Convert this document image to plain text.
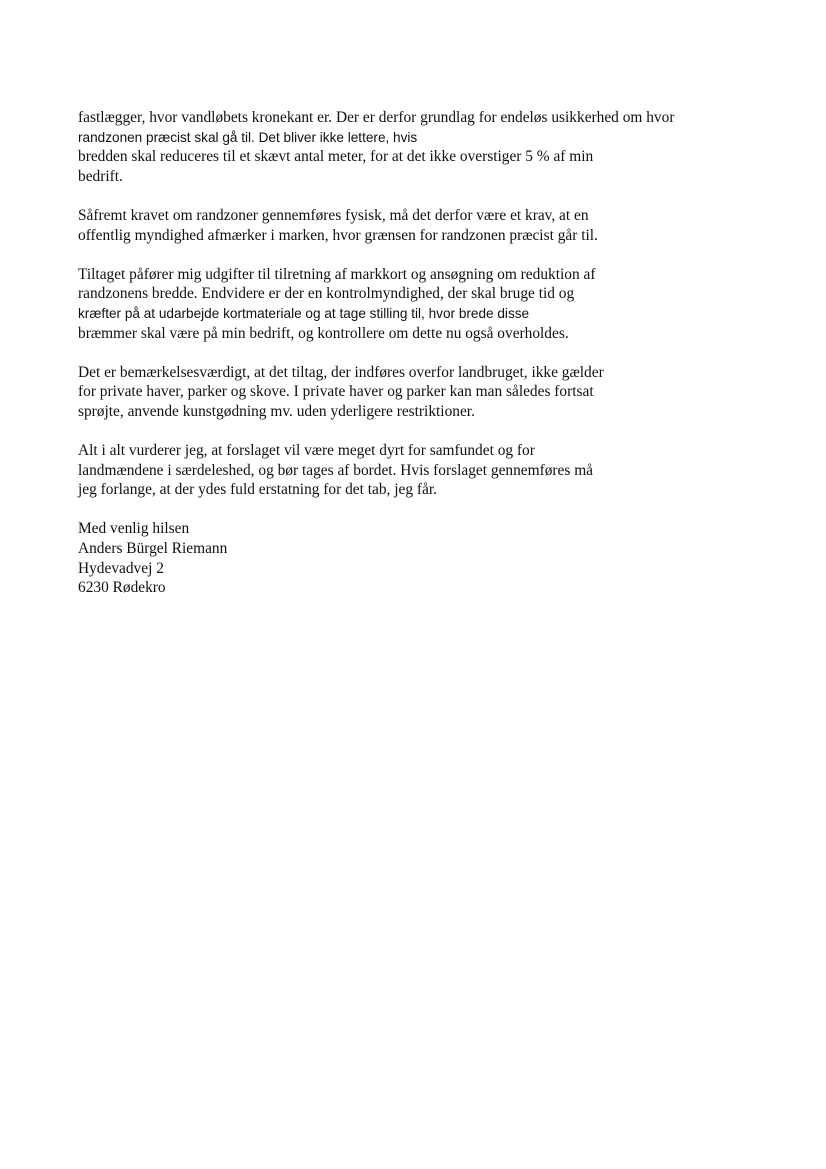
fastlægger, hvor vandløbets kronekant er. Der er derfor grundlag for endeløs usikkerhed om hvor
randzonen præcist skal gå til. Det bliver ikke lettere, hvis
bredden skal reduceres til et skævt antal meter, for at det ikke overstiger 5 % af min
bedrift.

Såfremt kravet om randzoner gennemføres fysisk, må det derfor være et krav, at en
offentlig myndighed afmærker i marken, hvor grænsen for randzonen præcist går til.

Tiltaget påfører mig udgifter til tilretning af markkort og ansøgning om reduktion af
randzonens bredde. Endvidere er der en kontrolmyndighed, der skal bruge tid og
kræfter på at udarbejde kortmateriale og at tage stilling til, hvor brede disse
bræmmer skal være på min bedrift, og kontrollere om dette nu også overholdes.

Det er bemærkelsesværdigt, at det tiltag, der indføres overfor landbruget, ikke gælder
for private haver, parker og skove. I private haver og parker kan man således fortsat
sprøjte, anvende kunstgødning mv. uden yderligere restriktioner.

Alt i alt vurderer jeg, at forslaget vil være meget dyrt for samfundet og for
landmændene i særdeleshed, og bør tages af bordet. Hvis forslaget gennemføres må
jeg forlange, at der ydes fuld erstatning for det tab, jeg får.

Med venlig hilsen
Anders Bürgel Riemann
Hydevadvej 2
6230 Rødekro
